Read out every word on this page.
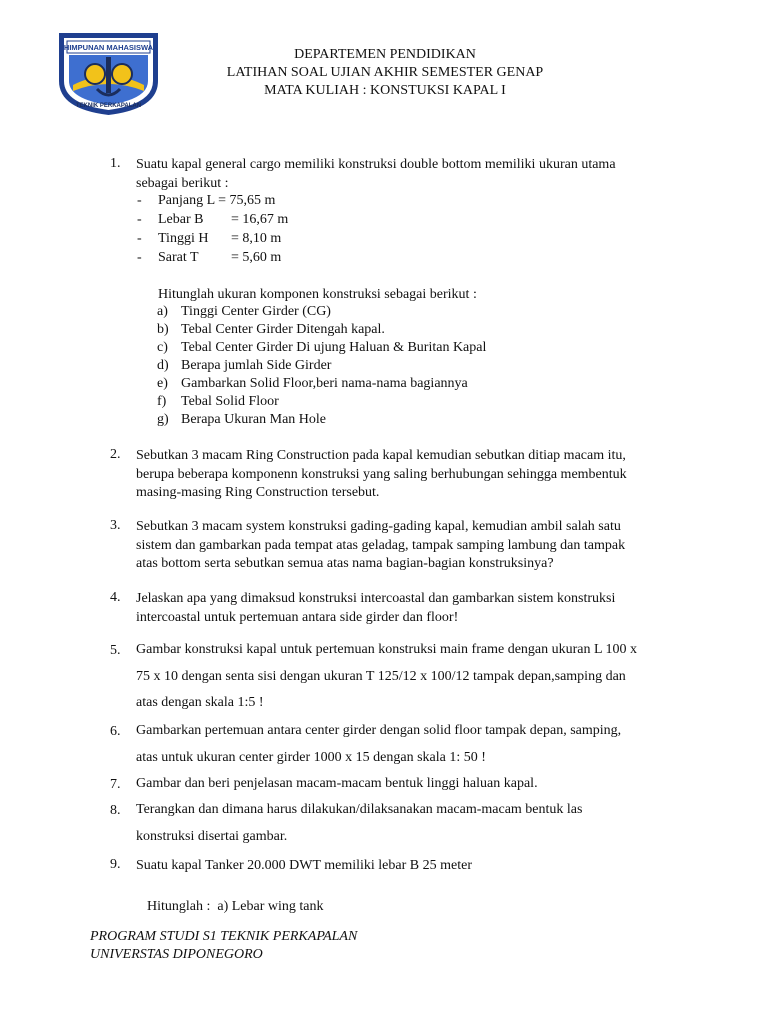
HIMPUNAN MAHASISWA
TEKNIK PERKAPALAN
DEPARTEMEN PENDIDIKAN
LATIHAN SOAL UJIAN AKHIR SEMESTER GENAP
MATA KULIAH : KONSTUKSI KAPAL I
1.	Suatu kapal general cargo memiliki konstruksi double bottom memiliki ukuran utama
sebagai berikut :
- Panjang L = 75,65 m
- Lebar B = 16,67 m
- Tinggi H = 8,10 m
- Sarat T = 5,60 m
Hitunglah ukuran komponen konstruksi sebagai berikut :
a) Tinggi Center Girder (CG)
b) Tebal Center Girder Ditengah kapal.
c) Tebal Center Girder Di ujung Haluan & Buritan Kapal
d) Berapa jumlah Side Girder
e) Gambarkan Solid Floor,beri nama-nama bagiannya
f) Tebal Solid Floor
g) Berapa Ukuran Man Hole
2.	Sebutkan 3 macam Ring Construction pada kapal kemudian sebutkan ditiap macam itu,
berupa beberapa komponenn konstruksi yang saling berhubungan sehingga membentuk
masing-masing Ring Construction tersebut.
3.	Sebutkan 3 macam system konstruksi gading-gading kapal, kemudian ambil salah satu
sistem dan gambarkan pada tempat atas geladag, tampak samping lambung dan tampak
atas bottom serta sebutkan semua atas nama bagian-bagian konstruksinya?
4.	Jelaskan apa yang dimaksud konstruksi intercoastal dan gambarkan sistem konstruksi
intercoastal untuk pertemuan antara side girder dan floor!
5.	Gambar konstruksi kapal untuk pertemuan konstruksi main frame dengan ukuran L 100 x
75 x 10 dengan senta sisi dengan ukuran T 125/12 x 100/12 tampak depan,samping dan
atas dengan skala 1:5 !
6.	Gambarkan pertemuan antara center girder dengan solid floor tampak depan, samping,
atas untuk ukuran center girder 1000 x 15 dengan skala 1: 50 !
7.	Gambar dan beri penjelasan macam-macam bentuk linggi haluan kapal.
8.	Terangkan dan dimana harus dilakukan/dilaksanakan macam-macam bentuk las
konstruksi disertai gambar.
9.	Suatu kapal Tanker 20.000 DWT memiliki lebar B 25 meter
Hitunglah :  a) Lebar wing tank
PROGRAM STUDI S1 TEKNIK PERKAPALAN
UNIVERSTAS DIPONEGORO
